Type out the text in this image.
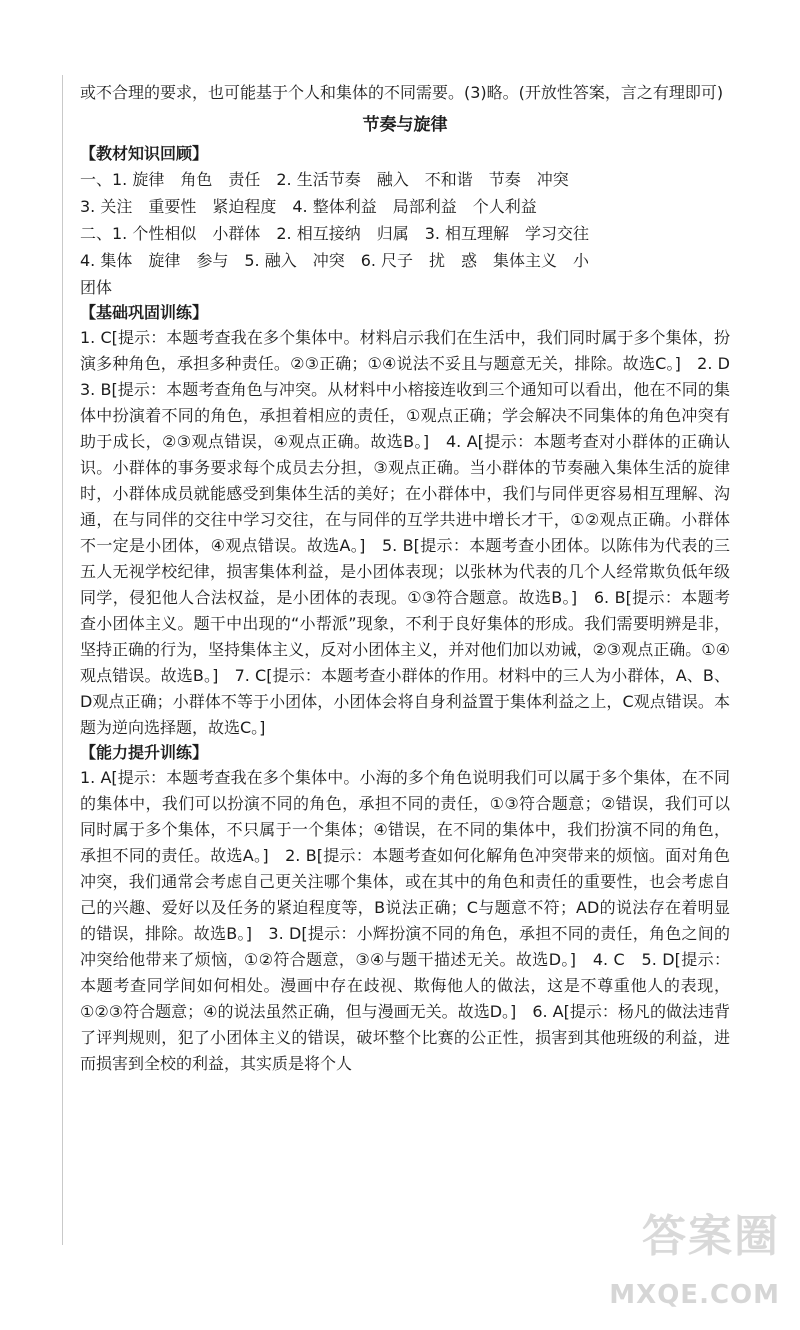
或不合理的要求，也可能基于个人和集体的不同需要。(3)略。(开放性答案，言之有理即可)

节奏与旋律

【教材知识回顾】

一、1. 旋律　角色　责任　2. 生活节奏　融入　不和谐　节奏　冲突

3. 关注　重要性　紧迫程度　4. 整体利益　局部利益　个人利益

二、1. 个性相似　小群体　2. 相互接纳　归属　3. 相互理解　学习交往

4. 集体　旋律　参与　5. 融入　冲突　6. 尺子　扰　惑　集体主义　小

团体

【基础巩固训练】

1. C[提示：本题考查我在多个集体中。材料启示我们在生活中，我们同时属于多个集体，扮演多种角色，承担多种责任。②③正确；①④说法不妥且与题意无关，排除。故选C。]　2. D　3. B[提示：本题考查角色与冲突。从材料中小榕接连收到三个通知可以看出，他在不同的集体中扮演着不同的角色，承担着相应的责任，①观点正确；学会解决不同集体的角色冲突有助于成长，②③观点错误，④观点正确。故选B。]　4. A[提示：本题考查对小群体的正确认识。小群体的事务要求每个成员去分担，③观点正确。当小群体的节奏融入集体生活的旋律时，小群体成员就能感受到集体生活的美好；在小群体中，我们与同伴更容易相互理解、沟通，在与同伴的交往中学习交往，在与同伴的互学共进中增长才干，①②观点正确。小群体不一定是小团体，④观点错误。故选A。]　5. B[提示：本题考查小团体。以陈伟为代表的三五人无视学校纪律，损害集体利益，是小团体表现；以张林为代表的几个人经常欺负低年级同学，侵犯他人合法权益，是小团体的表现。①③符合题意。故选B。]　6. B[提示：本题考查小团体主义。题干中出现的“小帮派”现象，不利于良好集体的形成。我们需要明辨是非，坚持正确的行为，坚持集体主义，反对小团体主义，并对他们加以劝诫，②③观点正确。①④观点错误。故选B。]　7. C[提示：本题考查小群体的作用。材料中的三人为小群体，A、B、D观点正确；小群体不等于小团体，小团体会将自身利益置于集体利益之上，C观点错误。本题为逆向选择题，故选C。]

【能力提升训练】

1. A[提示：本题考查我在多个集体中。小海的多个角色说明我们可以属于多个集体，在不同的集体中，我们可以扮演不同的角色，承担不同的责任，①③符合题意；②错误，我们可以同时属于多个集体，不只属于一个集体；④错误，在不同的集体中，我们扮演不同的角色，承担不同的责任。故选A。]　2. B[提示：本题考查如何化解角色冲突带来的烦恼。面对角色冲突，我们通常会考虑自己更关注哪个集体，或在其中的角色和责任的重要性，也会考虑自己的兴趣、爱好以及任务的紧迫程度等，B说法正确；C与题意不符；AD的说法存在着明显的错误，排除。故选B。]　3. D[提示：小辉扮演不同的角色，承担不同的责任，角色之间的冲突给他带来了烦恼，①②符合题意，③④与题干描述无关。故选D。]　4. C　5. D[提示：本题考查同学间如何相处。漫画中存在歧视、欺侮他人的做法，这是不尊重他人的表现，①②③符合题意；④的说法虽然正确，但与漫画无关。故选D。]　6. A[提示：杨凡的做法违背了评判规则，犯了小团体主义的错误，破坏整个比赛的公正性，损害到其他班级的利益，进而损害到全校的利益，其实质是将个人

答案圈
MXQE.COM
